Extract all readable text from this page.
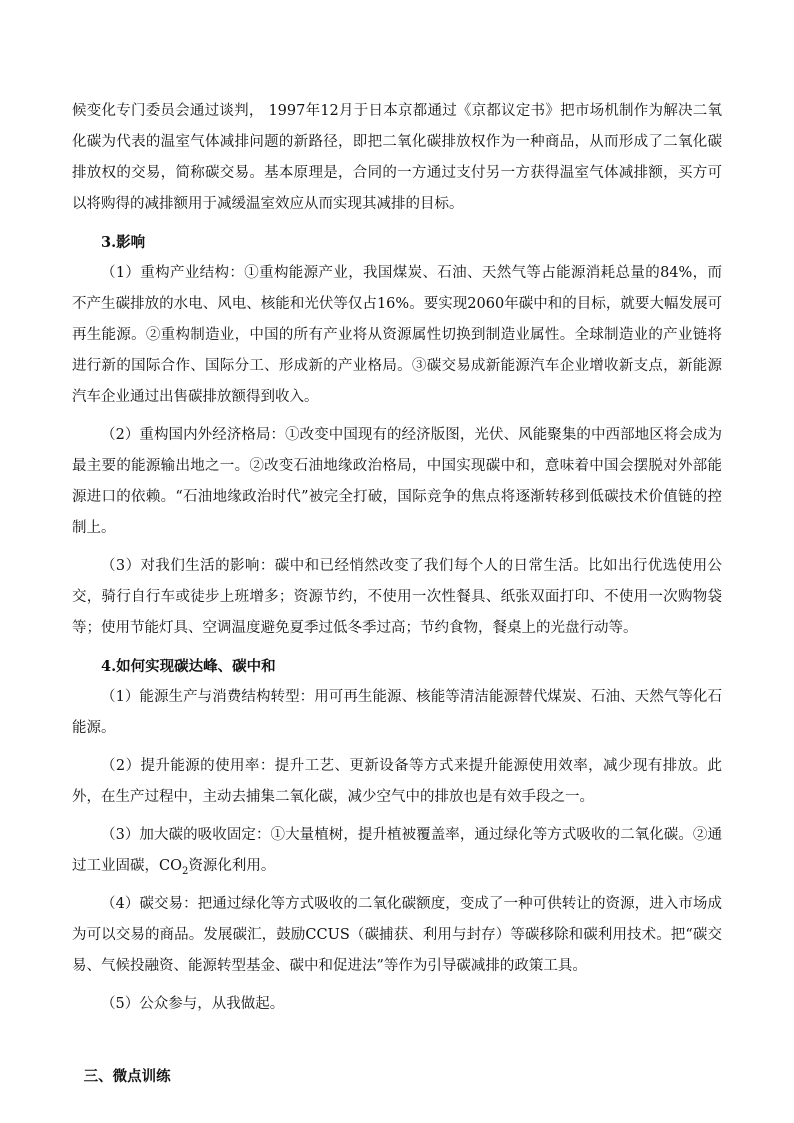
候变化专门委员会通过谈判， 1997年12月于日本京都通过《京都议定书》把市场机制作为解决二氧化碳为代表的温室气体减排问题的新路径，即把二氧化碳排放权作为一种商品，从而形成了二氧化碳排放权的交易，简称碳交易。基本原理是，合同的一方通过支付另一方获得温室气体减排额，买方可以将购得的减排额用于减缓温室效应从而实现其减排的目标。

3.影响

（1）重构产业结构：①重构能源产业，我国煤炭、石油、天然气等占能源消耗总量的84%，而不产生碳排放的水电、风电、核能和光伏等仅占16%。要实现2060年碳中和的目标，就要大幅发展可再生能源。②重构制造业，中国的所有产业将从资源属性切换到制造业属性。全球制造业的产业链将进行新的国际合作、国际分工、形成新的产业格局。③碳交易成新能源汽车企业增收新支点，新能源汽车企业通过出售碳排放额得到收入。

（2）重构国内外经济格局：①改变中国现有的经济版图，光伏、风能聚集的中西部地区将会成为最主要的能源输出地之一。②改变石油地缘政治格局，中国实现碳中和，意味着中国会摆脱对外部能源进口的依赖。“石油地缘政治时代”被完全打破，国际竞争的焦点将逐渐转移到低碳技术价值链的控制上。

（3）对我们生活的影响：碳中和已经悄然改变了我们每个人的日常生活。比如出行优选使用公交，骑行自行车或徒步上班增多；资源节约，不使用一次性餐具、纸张双面打印、不使用一次购物袋等；使用节能灯具、空调温度避免夏季过低冬季过高；节约食物，餐桌上的光盘行动等。

4.如何实现碳达峰、碳中和

（1）能源生产与消费结构转型：用可再生能源、核能等清洁能源替代煤炭、石油、天然气等化石能源。

（2）提升能源的使用率：提升工艺、更新设备等方式来提升能源使用效率，减少现有排放。此外，在生产过程中，主动去捕集二氧化碳，减少空气中的排放也是有效手段之一。

（3）加大碳的吸收固定：①大量植树，提升植被覆盖率，通过绿化等方式吸收的二氧化碳。②通过工业固碳，$CO_2$资源化利用。

（4）碳交易：把通过绿化等方式吸收的二氧化碳额度，变成了一种可供转让的资源，进入市场成为可以交易的商品。发展碳汇，鼓励CCUS（碳捕获、利用与封存）等碳移除和碳利用技术。把“碳交易、气候投融资、能源转型基金、碳中和促进法”等作为引导碳减排的政策工具。

（5）公众参与，从我做起。

三、微点训练
